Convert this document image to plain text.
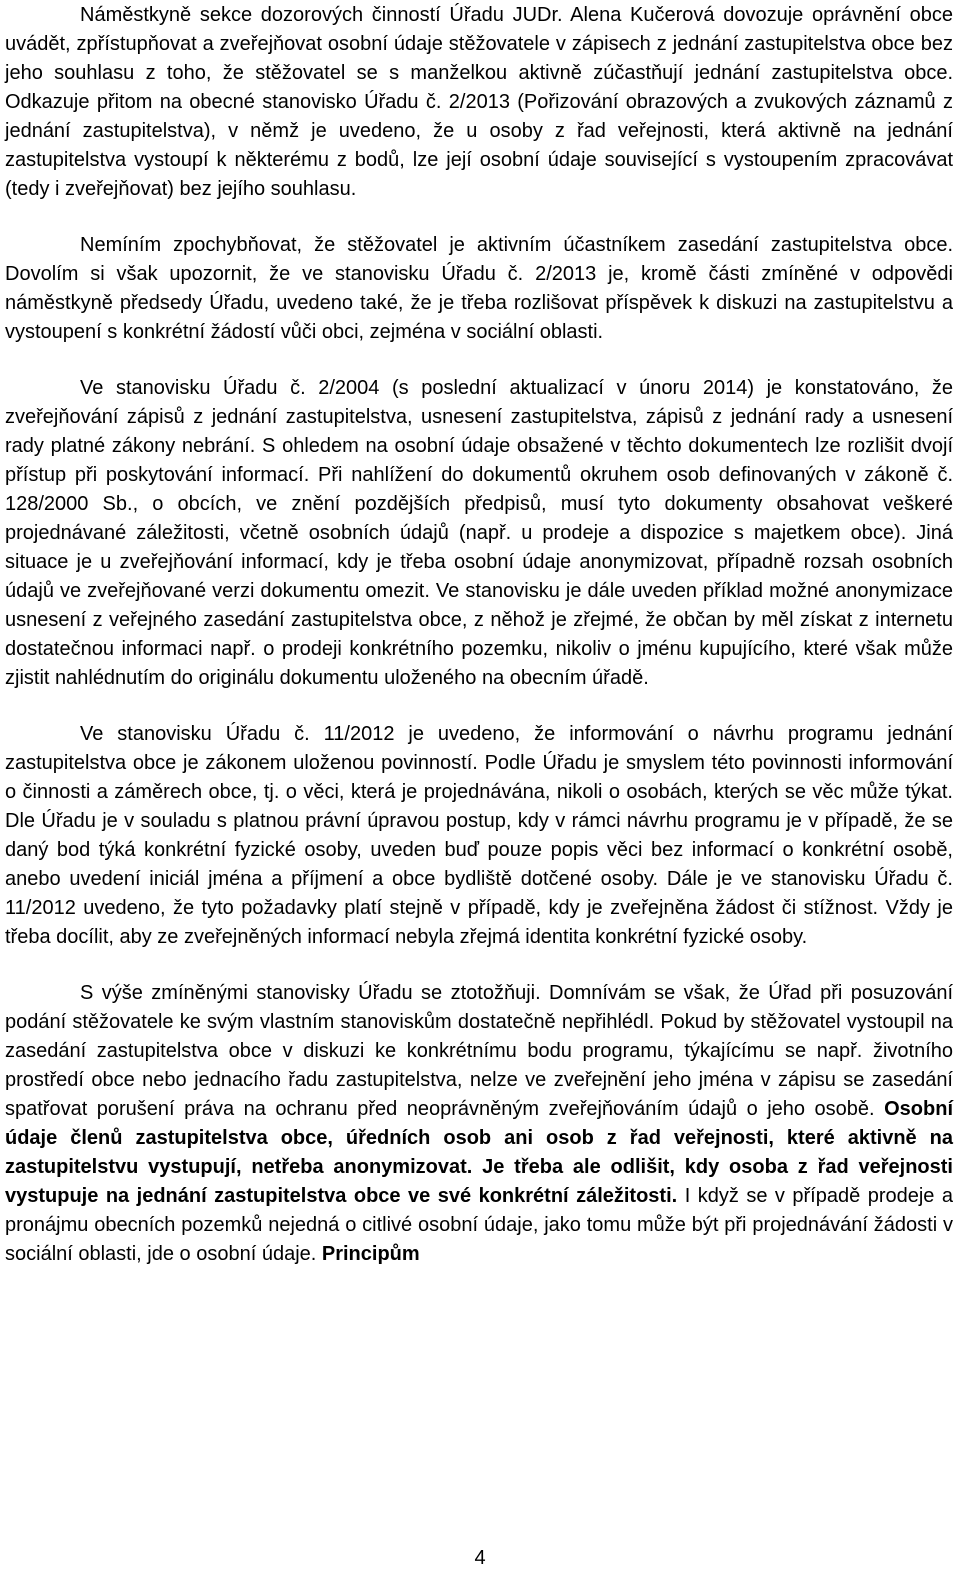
Náměstkyně sekce dozorových činností Úřadu JUDr. Alena Kučerová dovozuje oprávnění obce uvádět, zpřístupňovat a zveřejňovat osobní údaje stěžovatele v zápisech z jednání zastupitelstva obce bez jeho souhlasu z toho, že stěžovatel se s manželkou aktivně zúčastňují jednání zastupitelstva obce. Odkazuje přitom na obecné stanovisko Úřadu č. 2/2013 (Pořizování obrazových a zvukových záznamů z jednání zastupitelstva), v němž je uvedeno, že u osoby z řad veřejnosti, která aktivně na jednání zastupitelstva vystoupí k některému z bodů, lze její osobní údaje související s vystoupením zpracovávat (tedy i zveřejňovat) bez jejího souhlasu.

Nemíním zpochybňovat, že stěžovatel je aktivním účastníkem zasedání zastupitelstva obce. Dovolím si však upozornit, že ve stanovisku Úřadu č. 2/2013 je, kromě části zmíněné v odpovědi náměstkyně předsedy Úřadu, uvedeno také, že je třeba rozlišovat příspěvek k diskuzi na zastupitelstvu a vystoupení s konkrétní žádostí vůči obci, zejména v sociální oblasti.

Ve stanovisku Úřadu č. 2/2004 (s poslední aktualizací v únoru 2014) je konstatováno, že zveřejňování zápisů z jednání zastupitelstva, usnesení zastupitelstva, zápisů z jednání rady a usnesení rady platné zákony nebrání. S ohledem na osobní údaje obsažené v těchto dokumentech lze rozlišit dvojí přístup při poskytování informací. Při nahlížení do dokumentů okruhem osob definovaných v zákoně č. 128/2000 Sb., o obcích, ve znění pozdějších předpisů, musí tyto dokumenty obsahovat veškeré projednávané záležitosti, včetně osobních údajů (např. u prodeje a dispozice s majetkem obce). Jiná situace je u zveřejňování informací, kdy je třeba osobní údaje anonymizovat, případně rozsah osobních údajů ve zveřejňované verzi dokumentu omezit. Ve stanovisku je dále uveden příklad možné anonymizace usnesení z veřejného zasedání zastupitelstva obce, z něhož je zřejmé, že občan by měl získat z internetu dostatečnou informaci např. o prodeji konkrétního pozemku, nikoliv o jménu kupujícího, které však může zjistit nahlédnutím do originálu dokumentu uloženého na obecním úřadě.

Ve stanovisku Úřadu č. 11/2012 je uvedeno, že informování o návrhu programu jednání zastupitelstva obce je zákonem uloženou povinností. Podle Úřadu je smyslem této povinnosti informování o činnosti a záměrech obce, tj. o věci, která je projednávána, nikoli o osobách, kterých se věc může týkat. Dle Úřadu je v souladu s platnou právní úpravou postup, kdy v rámci návrhu programu je v případě, že se daný bod týká konkrétní fyzické osoby, uveden buď pouze popis věci bez informací o konkrétní osobě, anebo uvedení iniciál jména a příjmení a obce bydliště dotčené osoby. Dále je ve stanovisku Úřadu č. 11/2012 uvedeno, že tyto požadavky platí stejně v případě, kdy je zveřejněna žádost či stížnost. Vždy je třeba docílit, aby ze zveřejněných informací nebyla zřejmá identita konkrétní fyzické osoby.

S výše zmíněnými stanovisky Úřadu se ztotožňuji. Domnívám se však, že Úřad při posuzování podání stěžovatele ke svým vlastním stanoviskům dostatečně nepřihlédl. Pokud by stěžovatel vystoupil na zasedání zastupitelstva obce v diskuzi ke konkrétnímu bodu programu, týkajícímu se např. životního prostředí obce nebo jednacího řadu zastupitelstva, nelze ve zveřejnění jeho jména v zápisu se zasedání spatřovat porušení práva na ochranu před neoprávněným zveřejňováním údajů o jeho osobě. Osobní údaje členů zastupitelstva obce, úředních osob ani osob z řad veřejnosti, které aktivně na zastupitelstvu vystupují, netřeba anonymizovat. Je třeba ale odlišit, kdy osoba z řad veřejnosti vystupuje na jednání zastupitelstva obce ve své konkrétní záležitosti. I když se v případě prodeje a pronájmu obecních pozemků nejedná o citlivé osobní údaje, jako tomu může být při projednávání žádosti v sociální oblasti, jde o osobní údaje. Principům

4
